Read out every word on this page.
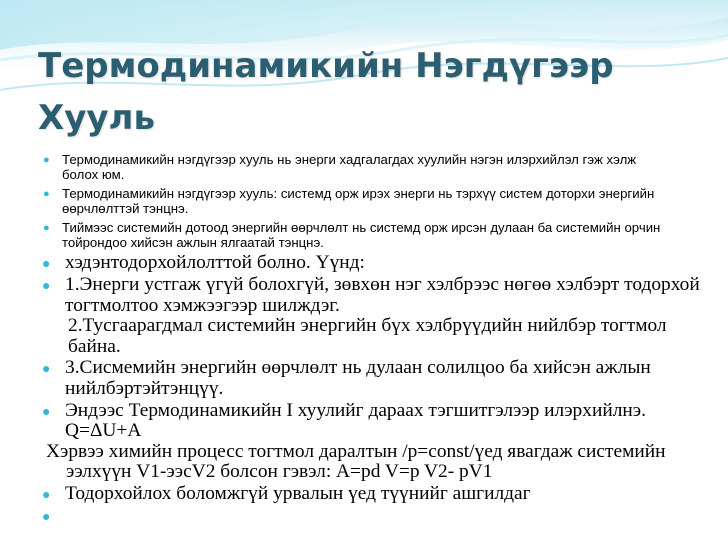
Термодинамикийн Нэгдүгээр Хууль
● Термодинамикийн нэгдүгээр хууль нь энерги хадгалагдах хуулийн нэгэн илэрхийлэл гэж хэлж болох юм.
● Термодинамикийн нэгдүгээр хууль: системд орж ирэх энерги нь тэрхүү систем доторхи энергийн өөрчлөлттэй тэнцнэ.
● Тиймээс системийн дотоод энергийн өөрчлөлт нь системд орж ирсэн дулаан ба системийн орчин тойрондоо хийсэн ажлын ялгаатай тэнцнэ.
● хэдэнтодорхойлолттой болно. Үүнд:
● 1.Энерги устгаж үгүй болохгүй, зөвхөн нэг хэлбрээс нөгөө хэлбэрт тодорхой тогтмолтоо хэмжээгээр шилждэг.
2.Тусгаарагдмал системийн энергийн бүх хэлбрүүдийн нийлбэр тогтмол байна.
● 3.Сисмемийн энергийн өөрчлөлт нь дулаан солилцоо ба хийсэн ажлын нийлбэртэйтэнцүү.
● Эндээс Термодинамикийн I хуулийг дараах тэгшитгэлээр илэрхийлнэ. Q=ΔU+A
Хэрвээ химийн процесс тогтмол даралтын /p=const/үед явагдаж системийн ээлхүүн V1-ээсV2 болсон гэвэл: A=pd V=p V2- pV1
● Тодорхойлох боломжгүй урвалын үед түүнийг ашгилдаг
●
